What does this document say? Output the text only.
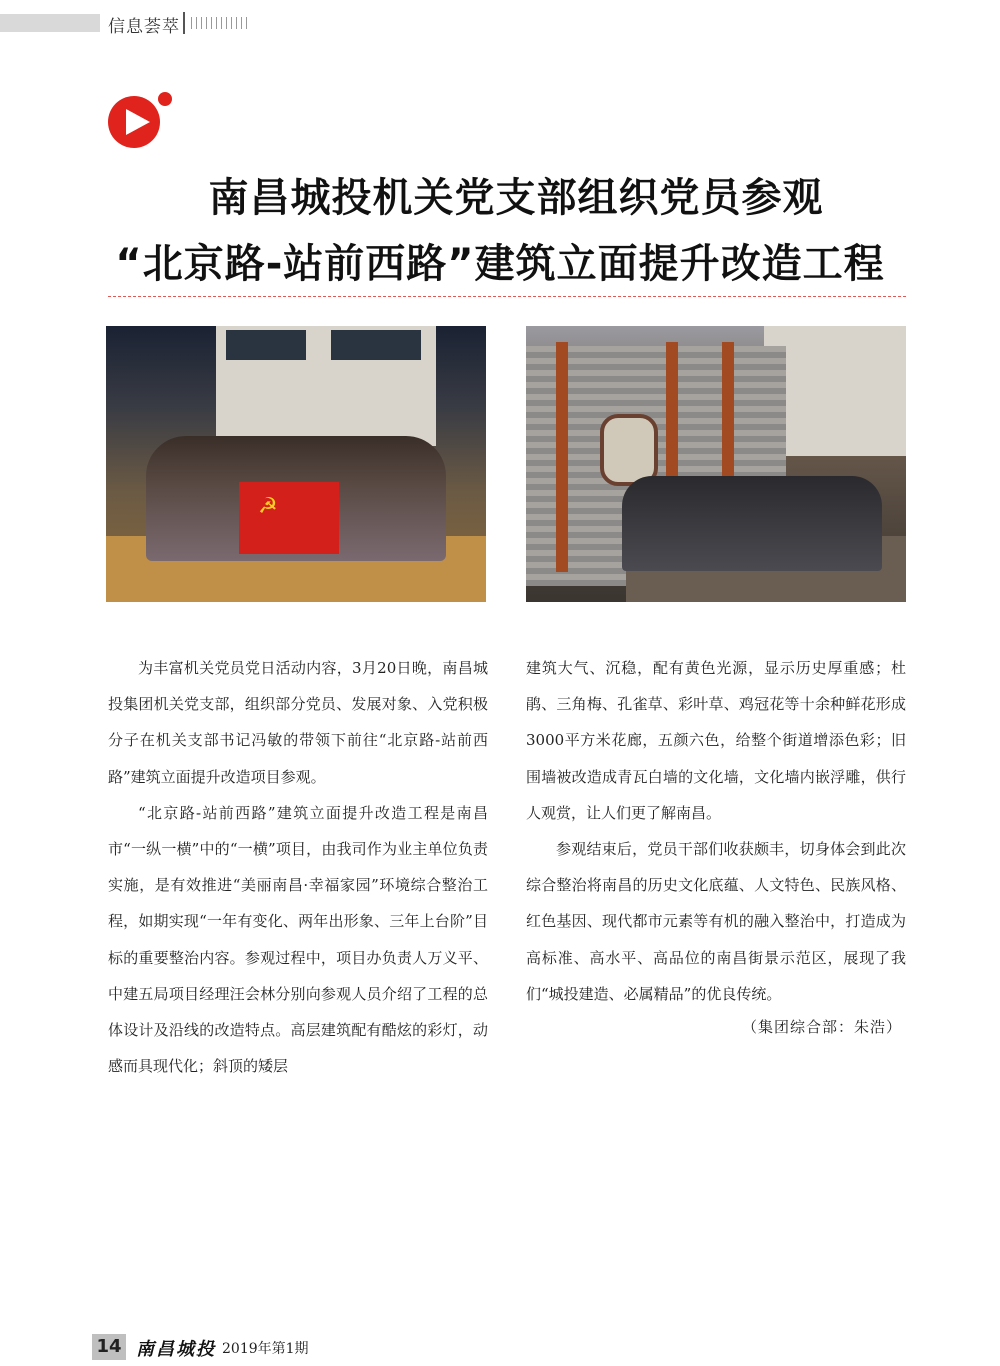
信息荟萃
南昌城投机关党支部组织党员参观
“北京路-站前西路”建筑立面提升改造工程
☭

为丰富机关党员党日活动内容，3月20日晚，南昌城投集团机关党支部，组织部分党员、发展对象、入党积极分子在机关支部书记冯敏的带领下前往“北京路-站前西路”建筑立面提升改造项目参观。

“北京路-站前西路”建筑立面提升改造工程是南昌市“一纵一横”中的“一横”项目，由我司作为业主单位负责实施，是有效推进“美丽南昌·幸福家园”环境综合整治工程，如期实现“一年有变化、两年出形象、三年上台阶”目标的重要整治内容。参观过程中，项目办负责人万义平、中建五局项目经理汪会林分别向参观人员介绍了工程的总体设计及沿线的改造特点。高层建筑配有酷炫的彩灯，动感而具现代化；斜顶的矮层

建筑大气、沉稳，配有黄色光源，显示历史厚重感；杜鹃、三角梅、孔雀草、彩叶草、鸡冠花等十余种鲜花形成3000平方米花廊，五颜六色，给整个街道增添色彩；旧围墙被改造成青瓦白墙的文化墙，文化墙内嵌浮雕，供行人观赏，让人们更了解南昌。

参观结束后，党员干部们收获颇丰，切身体会到此次综合整治将南昌的历史文化底蕴、人文特色、民族风格、红色基因、现代都市元素等有机的融入整治中，打造成为高标准、高水平、高品位的南昌街景示范区，展现了我们“城投建造、必属精品”的优良传统。

（集团综合部：朱浩）
14 南昌城投 2019年第1期
